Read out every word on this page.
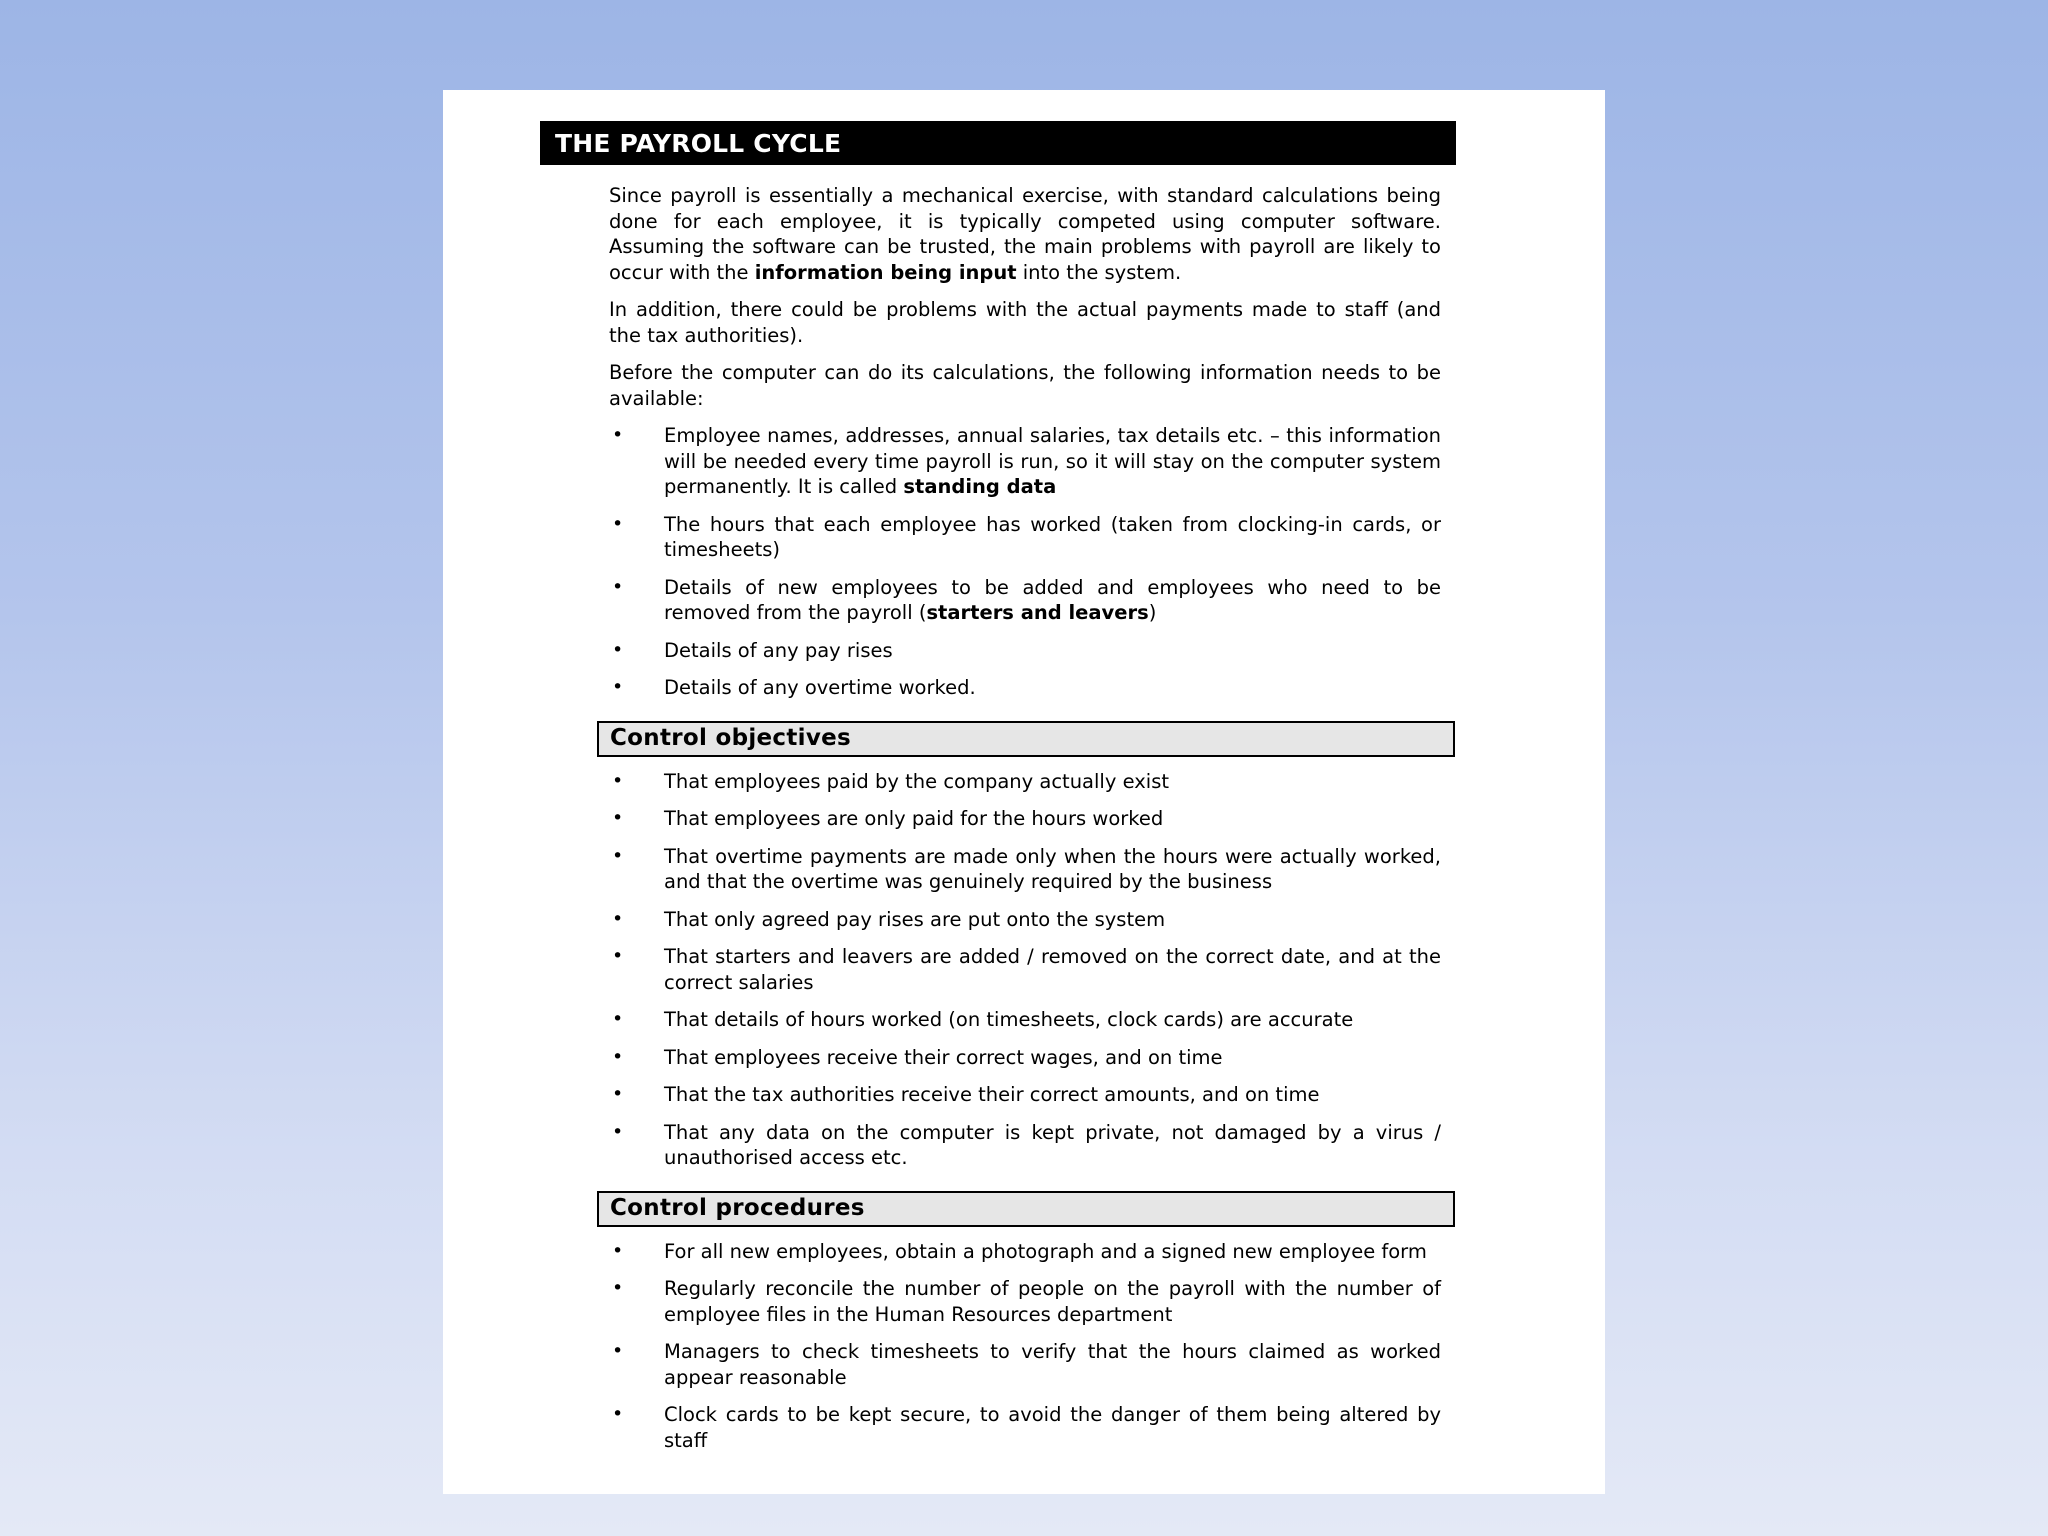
THE PAYROLL CYCLE

Since payroll is essentially a mechanical exercise, with standard calculations being done for each employee, it is typically competed using computer software. Assuming the software can be trusted, the main problems with payroll are likely to occur with the information being input into the system.

In addition, there could be problems with the actual payments made to staff (and the tax authorities).

Before the computer can do its calculations, the following information needs to be available:

• Employee names, addresses, annual salaries, tax details etc. – this information will be needed every time payroll is run, so it will stay on the computer system permanently. It is called standing data
• The hours that each employee has worked (taken from clocking-in cards, or timesheets)
• Details of new employees to be added and employees who need to be removed from the payroll (starters and leavers)
• Details of any pay rises
• Details of any overtime worked.
Control objectives
• That employees paid by the company actually exist
• That employees are only paid for the hours worked
• That overtime payments are made only when the hours were actually worked, and that the overtime was genuinely required by the business
• That only agreed pay rises are put onto the system
• That starters and leavers are added / removed on the correct date, and at the correct salaries
• That details of hours worked (on timesheets, clock cards) are accurate
• That employees receive their correct wages, and on time
• That the tax authorities receive their correct amounts, and on time
• That any data on the computer is kept private, not damaged by a virus / unauthorised access etc.
Control procedures
• For all new employees, obtain a photograph and a signed new employee form
• Regularly reconcile the number of people on the payroll with the number of employee files in the Human Resources department
• Managers to check timesheets to verify that the hours claimed as worked appear reasonable
• Clock cards to be kept secure, to avoid the danger of them being altered by staff
